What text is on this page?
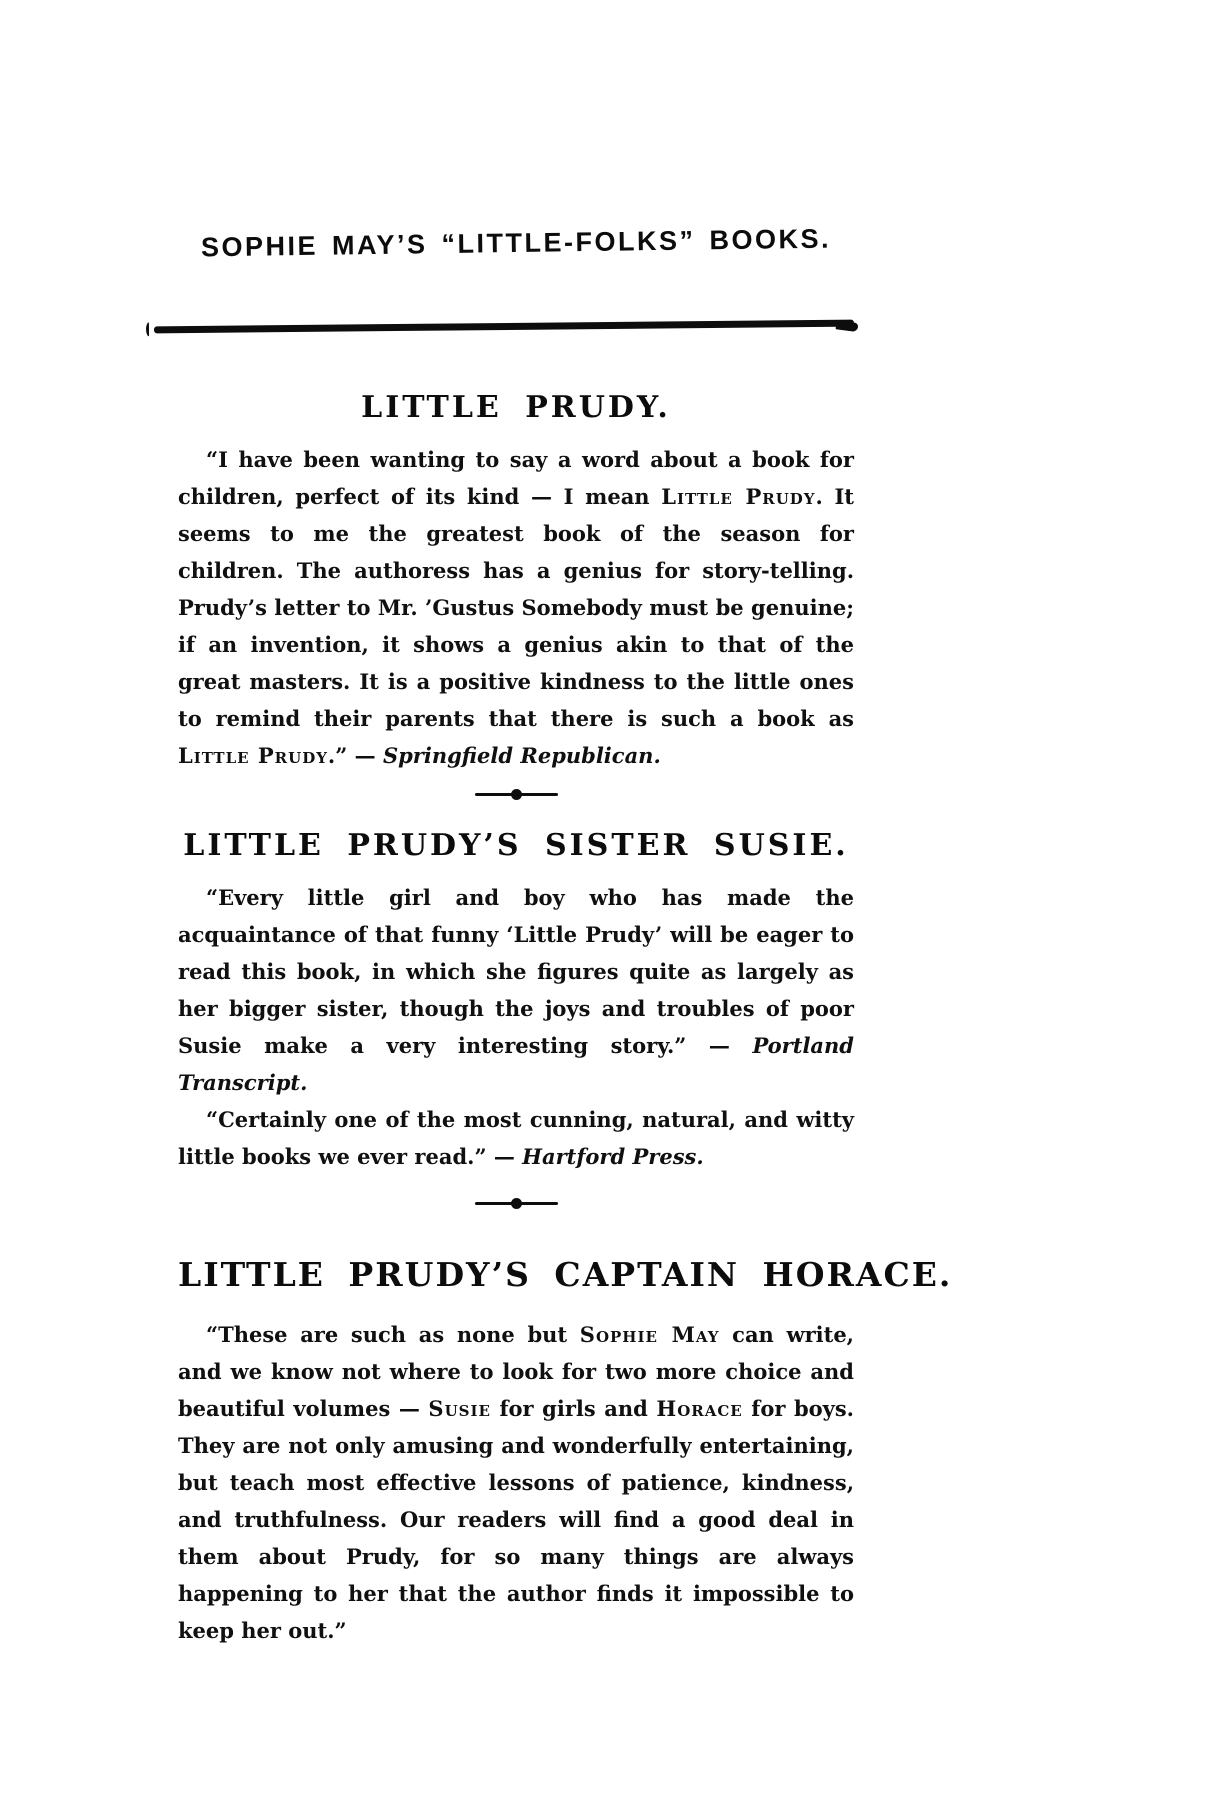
SOPHIE MAY’S “LITTLE-FOLKS” BOOKS.
LITTLE PRUDY.

“I have been wanting to say a word about a book for children, perfect of its kind — I mean Little Prudy. It seems to me the greatest book of the season for children. The authoress has a genius for story-telling. Prudy’s letter to Mr. ’Gustus Somebody must be genuine; if an invention, it shows a genius akin to that of the great masters. It is a positive kindness to the little ones to remind their parents that there is such a book as Little Prudy.” — Springfield Republican.

LITTLE PRUDY’S SISTER SUSIE.

“Every little girl and boy who has made the acquaintance of that funny ‘Little Prudy’ will be eager to read this book, in which she figures quite as largely as her bigger sister, though the joys and troubles of poor Susie make a very interesting story.” — Portland Transcript.

“Certainly one of the most cunning, natural, and witty little books we ever read.” — Hartford Press.

LITTLE PRUDY’S CAPTAIN HORACE.

“These are such as none but Sophie May can write, and we know not where to look for two more choice and beautiful volumes — Susie for girls and Horace for boys. They are not only amusing and wonderfully entertaining, but teach most effective lessons of patience, kindness, and truthfulness. Our readers will find a good deal in them about Prudy, for so many things are always happening to her that the author finds it impossible to keep her out.”
